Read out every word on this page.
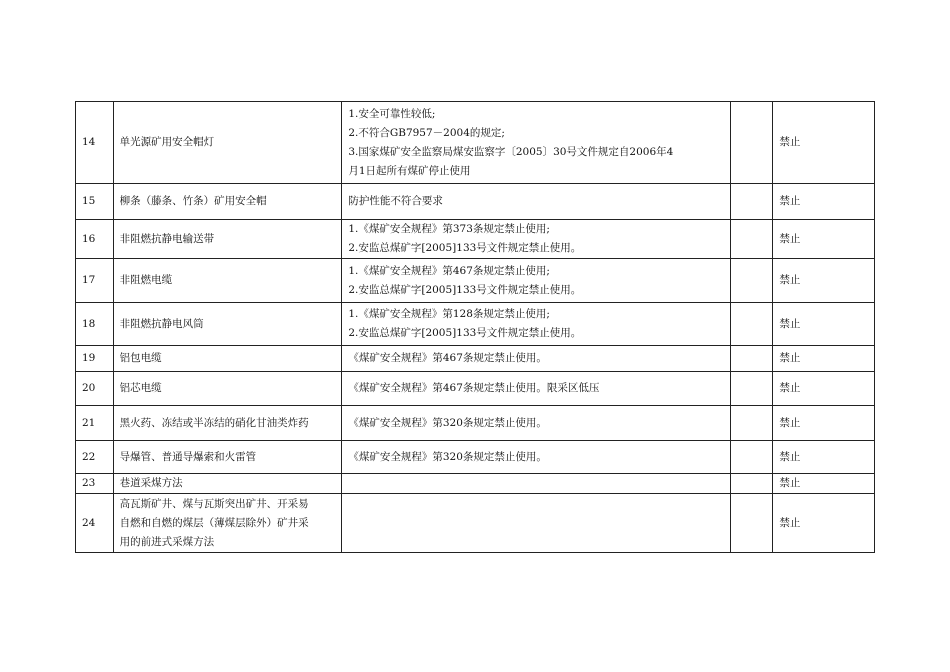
14	单光源矿用安全帽灯	1.安全可靠性较低;
2.不符合GB7957－2004的规定;
3.国家煤矿安全监察局煤安监察字〔2005〕30号文件规定自2006年4
月1日起所有煤矿停止使用		禁止
15	柳条（藤条、竹条）矿用安全帽	防护性能不符合要求		禁止
16	非阻燃抗静电输送带	1.《煤矿安全规程》第373条规定禁止使用;
2.安监总煤矿字[2005]133号文件规定禁止使用。		禁止
17	非阻燃电缆	1.《煤矿安全规程》第467条规定禁止使用;
2.安监总煤矿字[2005]133号文件规定禁止使用。		禁止
18	非阻燃抗静电风筒	1.《煤矿安全规程》第128条规定禁止使用;
2.安监总煤矿字[2005]133号文件规定禁止使用。		禁止
19	铝包电缆	《煤矿安全规程》第467条规定禁止使用。		禁止
20	铝芯电缆	《煤矿安全规程》第467条规定禁止使用。限采区低压		禁止
21	黑火药、冻结或半冻结的硝化甘油类炸药	《煤矿安全规程》第320条规定禁止使用。		禁止
22	导爆管、普通导爆索和火雷管	《煤矿安全规程》第320条规定禁止使用。		禁止
23	巷道采煤方法			禁止
24	高瓦斯矿井、煤与瓦斯突出矿井、开采易
自燃和自燃的煤层（薄煤层除外）矿井采
用的前进式采煤方法			禁止
